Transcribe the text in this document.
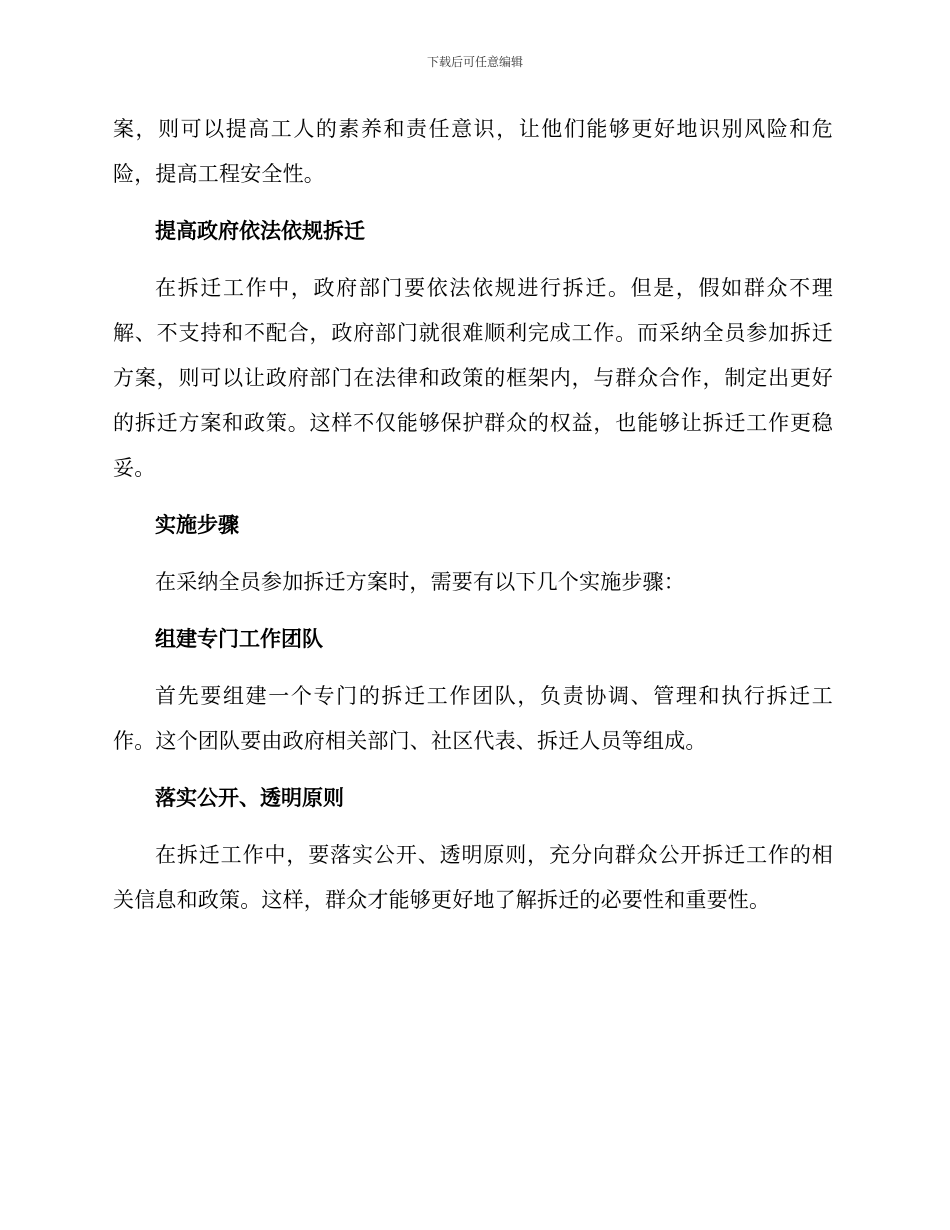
下载后可任意编辑

案，则可以提高工人的素养和责任意识，让他们能够更好地识别风险和危险，提高工程安全性。

提高政府依法依规拆迁

在拆迁工作中，政府部门要依法依规进行拆迁。但是，假如群众不理解、不支持和不配合，政府部门就很难顺利完成工作。而采纳全员参加拆迁方案，则可以让政府部门在法律和政策的框架内，与群众合作，制定出更好的拆迁方案和政策。这样不仅能够保护群众的权益，也能够让拆迁工作更稳妥。

实施步骤

在采纳全员参加拆迁方案时，需要有以下几个实施步骤：

组建专门工作团队

首先要组建一个专门的拆迁工作团队，负责协调、管理和执行拆迁工作。这个团队要由政府相关部门、社区代表、拆迁人员等组成。

落实公开、透明原则

在拆迁工作中，要落实公开、透明原则，充分向群众公开拆迁工作的相关信息和政策。这样，群众才能够更好地了解拆迁的必要性和重要性。
